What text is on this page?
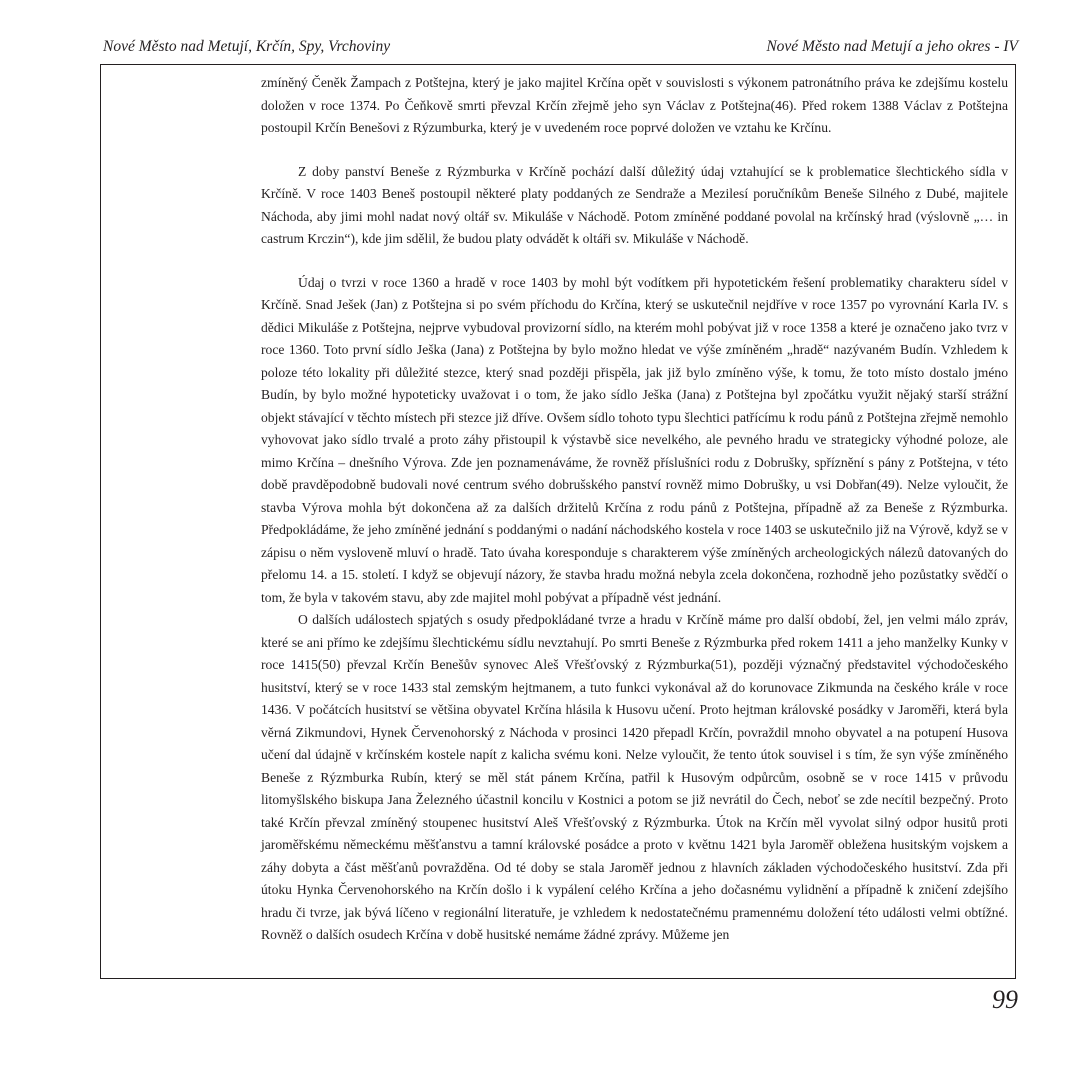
Nové Město nad Metují, Krčín, Spy, Vrchoviny	Nové Město nad Metují a jeho okres - IV

zmíněný Čeněk Žampach z Potštejna, který je jako majitel Krčína opět v souvislosti s výkonem patronátního práva ke zdejšímu kostelu doložen v roce 1374. Po Čeňkově smrti převzal Krčín zřejmě jeho syn Václav z Potštejna(46). Před rokem 1388 Václav z Potštejna postoupil Krčín Benešovi z Rýzumburka, který je v uvedeném roce poprvé doložen ve vztahu ke Krčínu.

Z doby panství Beneše z Rýzmburka v Krčíně pochází další důležitý údaj vztahující se k problematice šlechtického sídla v Krčíně. V roce 1403 Beneš postoupil některé platy poddaných ze Sendraže a Mezilesí poručníkům Beneše Silného z Dubé, majitele Náchoda, aby jimi mohl nadat nový oltář sv. Mikuláše v Náchodě. Potom zmíněné poddané povolal na krčínský hrad (výslovně „… in castrum Krczin“), kde jim sdělil, že budou platy odvádět k oltáři sv. Mikuláše v Náchodě.

Údaj o tvrzi v roce 1360 a hradě v roce 1403 by mohl být vodítkem při hypotetickém řešení problematiky charakteru sídel v Krčíně. Snad Ješek (Jan) z Potštejna si po svém příchodu do Krčína, který se uskutečnil nejdříve v roce 1357 po vyrovnání Karla IV. s dědici Mikuláše z Potštejna, nejprve vybudoval provizorní sídlo, na kterém mohl pobývat již v roce 1358 a které je označeno jako tvrz v roce 1360. Toto první sídlo Ješka (Jana) z Potštejna by bylo možno hledat ve výše zmíněném „hradě“ nazývaném Budín. Vzhledem k poloze této lokality při důležité stezce, který snad později přispěla, jak již bylo zmíněno výše, k tomu, že toto místo dostalo jméno Budín, by bylo možné hypoteticky uvažovat i o tom, že jako sídlo Ješka (Jana) z Potštejna byl zpočátku využit nějaký starší strážní objekt stávající v těchto místech při stezce již dříve. Ovšem sídlo tohoto typu šlechtici patřícímu k rodu pánů z Potštejna zřejmě nemohlo vyhovovat jako sídlo trvalé a proto záhy přistoupil k výstavbě sice nevelkého, ale pevného hradu ve strategicky výhodné poloze, ale mimo Krčína – dnešního Výrova. Zde jen poznamenáváme, že rovněž příslušníci rodu z Dobrušky, spříznění s pány z Potštejna, v této době pravděpodobně budovali nové centrum svého dobrušského panství rovněž mimo Dobrušky, u vsi Dobřan(49). Nelze vyloučit, že stavba Výrova mohla být dokončena až za dalších držitelů Krčína z rodu pánů z Potštejna, případně až za Beneše z Rýzmburka. Předpokládáme, že jeho zmíněné jednání s poddanými o nadání náchodského kostela v roce 1403 se uskutečnilo již na Výrově, když se v zápisu o něm vysloveně mluví o hradě. Tato úvaha koresponduje s charakterem výše zmíněných archeologických nálezů datovaných do přelomu 14. a 15. století. I když se objevují názory, že stavba hradu možná nebyla zcela dokončena, rozhodně jeho pozůstatky svědčí o tom, že byla v takovém stavu, aby zde majitel mohl pobývat a případně vést jednání.

O dalších událostech spjatých s osudy předpokládané tvrze a hradu v Krčíně máme pro další období, žel, jen velmi málo zpráv, které se ani přímo ke zdejšímu šlechtickému sídlu nevztahují. Po smrti Beneše z Rýzmburka před rokem 1411 a jeho manželky Kunky v roce 1415(50) převzal Krčín Benešův synovec Aleš Vřešťovský z Rýzmburka(51), později význačný představitel východočeského husitství, který se v roce 1433 stal zemským hejtmanem, a tuto funkci vykonával až do korunovace Zikmunda na českého krále v roce 1436. V počátcích husitství se většina obyvatel Krčína hlásila k Husovu učení. Proto hejtman královské posádky v Jaroměři, která byla věrná Zikmundovi, Hynek Červenohorský z Náchoda v prosinci 1420 přepadl Krčín, povraždil mnoho obyvatel a na potupení Husova učení dal údajně v krčínském kostele napít z kalicha svému koni. Nelze vyloučit, že tento útok souvisel i s tím, že syn výše zmíněného Beneše z Rýzmburka Rubín, který se měl stát pánem Krčína, patřil k Husovým odpůrcům, osobně se v roce 1415 v průvodu litomyšlského biskupa Jana Železného účastnil koncilu v Kostnici a potom se již nevrátil do Čech, neboť se zde necítil bezpečný. Proto také Krčín převzal zmíněný stoupenec husitství Aleš Vřešťovský z Rýzmburka. Útok na Krčín měl vyvolat silný odpor husitů proti jaroměřskému německému měšťanstvu a tamní královské posádce a proto v květnu 1421 byla Jaroměř obležena husitským vojskem a záhy dobyta a část měšťanů povražděna. Od té doby se stala Jaroměř jednou z hlavních základen východočeského husitství. Zda při útoku Hynka Červenohorského na Krčín došlo i k vypálení celého Krčína a jeho dočasnému vylidnění a případně k zničení zdejšího hradu či tvrze, jak bývá líčeno v regionální literatuře, je vzhledem k nedostatečnému pramennému doložení této události velmi obtížné. Rovněž o dalších osudech Krčína v době husitské nemáme žádné zprávy. Můžeme jen

99
